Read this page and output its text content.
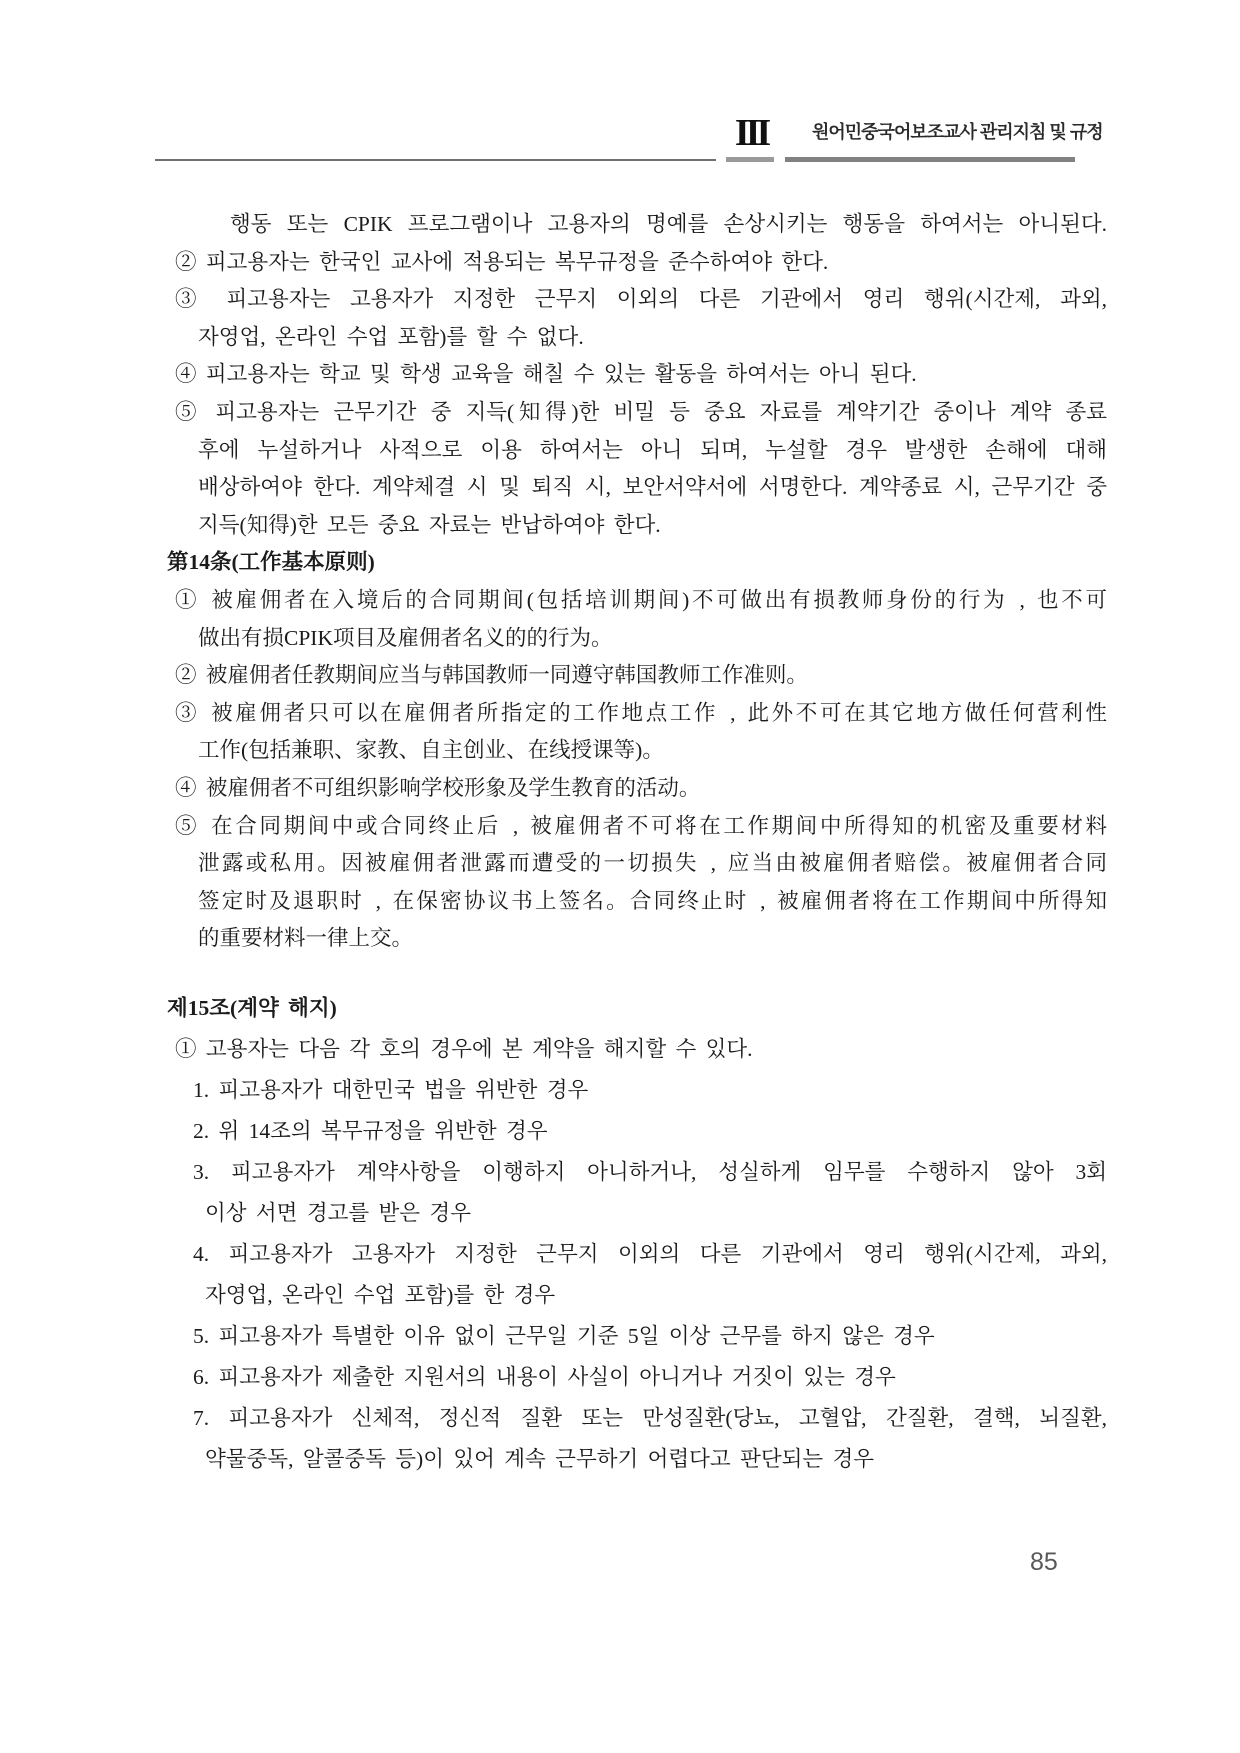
III 원어민중국어보조교사 관리지침 및 규정
행동 또는 CPIK 프로그램이나 고용자의 명예를 손상시키는 행동을 하여서는 아니된다.
② 피고용자는 한국인 교사에 적용되는 복무규정을 준수하여야 한다.
③ 피고용자는 고용자가 지정한 근무지 이외의 다른 기관에서 영리 행위(시간제, 과외,
자영업, 온라인 수업 포함)를 할 수 없다.
④ 피고용자는 학교 및 학생 교육을 해칠 수 있는 활동을 하여서는 아니 된다.
⑤ 피고용자는 근무기간 중 지득(知得)한 비밀 등 중요 자료를 계약기간 중이나 계약 종료
후에 누설하거나 사적으로 이용 하여서는 아니 되며, 누설할 경우 발생한 손해에 대해
배상하여야 한다. 계약체결 시 및 퇴직 시, 보안서약서에 서명한다. 계약종료 시, 근무기간 중
지득(知得)한 모든 중요 자료는 반납하여야 한다.
第14条(工作基本原则)
① 被雇佣者在入境后的合同期间(包括培训期间)不可做出有损教师身份的行为 , 也不可
做出有损CPIK项目及雇佣者名义的的行为。
② 被雇佣者任教期间应当与韩国教师一同遵守韩国教师工作准则。
③ 被雇佣者只可以在雇佣者所指定的工作地点工作 , 此外不可在其它地方做任何营利性
工作(包括兼职、家教、自主创业、在线授课等)。
④ 被雇佣者不可组织影响学校形象及学生教育的活动。
⑤ 在合同期间中或合同终止后 , 被雇佣者不可将在工作期间中所得知的机密及重要材料
泄露或私用。因被雇佣者泄露而遭受的一切损失 , 应当由被雇佣者赔偿。被雇佣者合同
签定时及退职时 , 在保密协议书上签名。合同终止时 , 被雇佣者将在工作期间中所得知
的重要材料一律上交。
제15조(계약 해지)
① 고용자는 다음 각 호의 경우에 본 계약을 해지할 수 있다.
1. 피고용자가 대한민국 법을 위반한 경우
2. 위 14조의 복무규정을 위반한 경우
3. 피고용자가 계약사항을 이행하지 아니하거나, 성실하게 임무를 수행하지 않아 3회
이상 서면 경고를 받은 경우
4. 피고용자가 고용자가 지정한 근무지 이외의 다른 기관에서 영리 행위(시간제, 과외,
자영업, 온라인 수업 포함)를 한 경우
5. 피고용자가 특별한 이유 없이 근무일 기준 5일 이상 근무를 하지 않은 경우
6. 피고용자가 제출한 지원서의 내용이 사실이 아니거나 거짓이 있는 경우
7. 피고용자가 신체적, 정신적 질환 또는 만성질환(당뇨, 고혈압, 간질환, 결핵, 뇌질환,
약물중독, 알콜중독 등)이 있어 계속 근무하기 어렵다고 판단되는 경우
85
